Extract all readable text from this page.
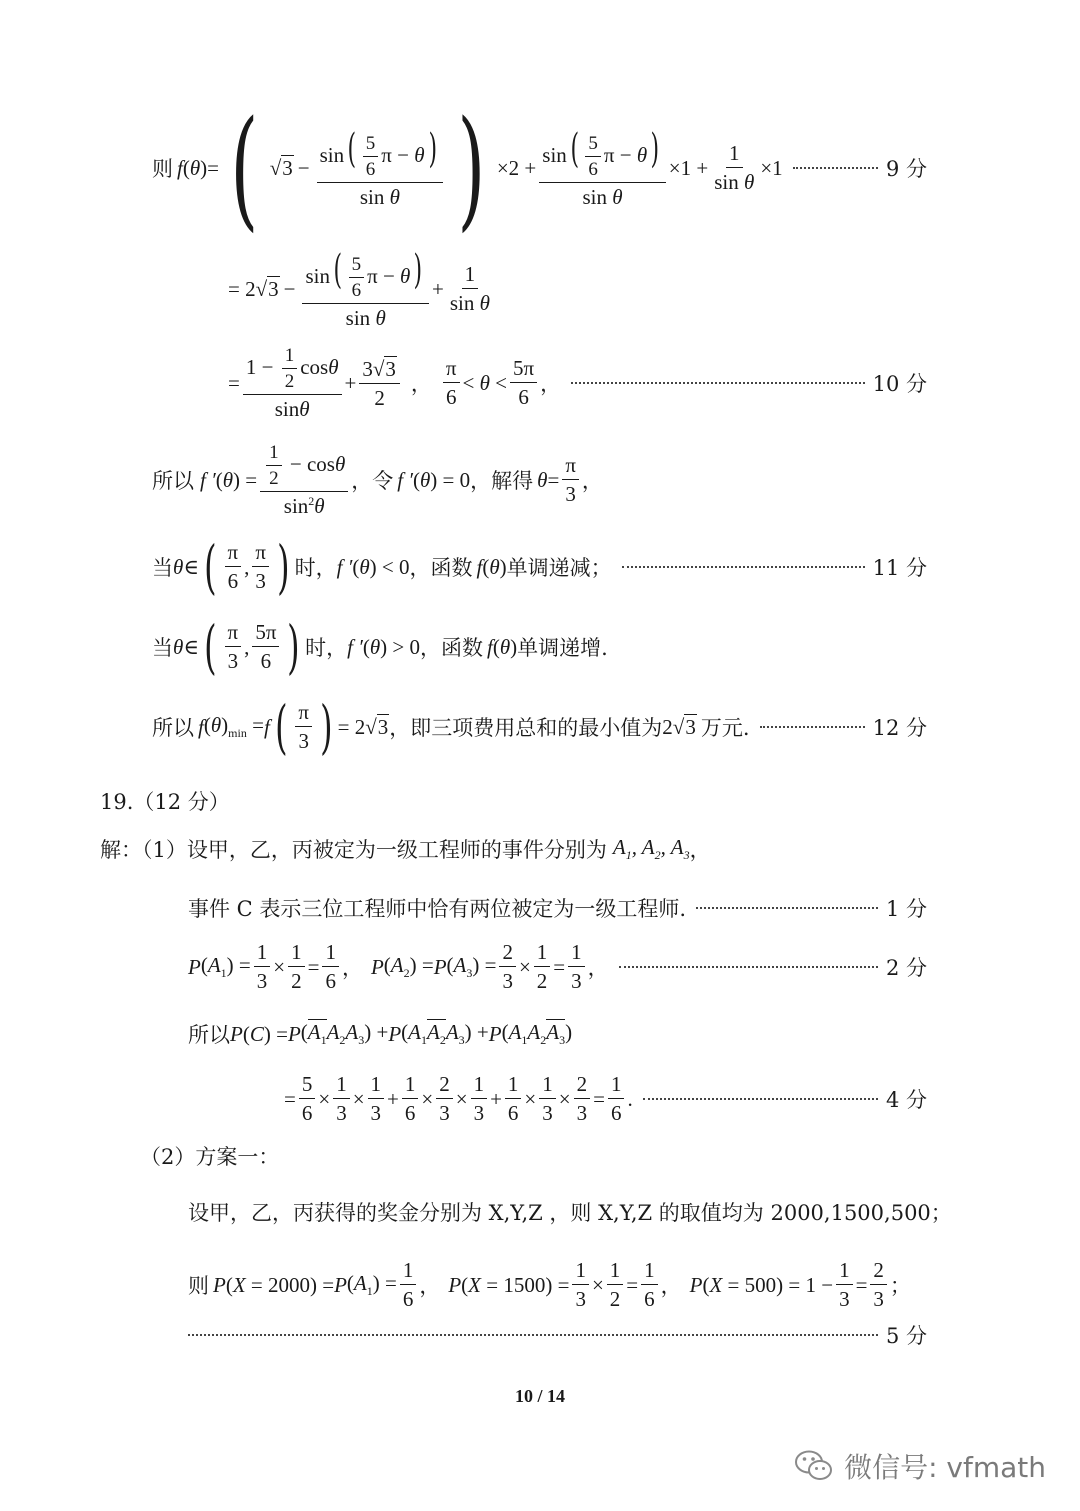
则 f ( θ )= ( √ $3 - \frac{\sin( \frac{5}{6} \pi - \theta)}{\text{sin θ}}$ ) $\times 2 + \frac{\sin( \frac{5}{6} \pi - \theta)}{\text{sin θ}} \times 1 + \frac{1}{\text{sin θ}} \times 1$	9 分
= 2 √ $3 - \frac{\sin( \frac{5}{6} \pi - \theta)}{\text{sin θ}} + \frac{1}{\text{sin θ}}$
= $\frac{1 - \frac{1}{2} \cos\theta}{\sin\theta} + \frac{3√ 3}{2}$ ， $\frac{\pi}{6} < \theta < \frac{5\pi}{6}$ ，	10 分
所以 f ′ $(\theta) = \frac{\frac{1}{2} - \cos\theta}{\sin^2\theta}$ ，令 f ′ (θ) = 0 ，解得 $\theta = \frac{\pi}{3}$ ，
当 θ ∈ ( $\frac{\pi}{6}$ , $\frac{\pi}{3}$ ) 时， f ′ (θ) < 0 ，函数 f (θ) 单调递减；	11 分
当 θ ∈ ( $\frac{\pi}{3}$ , $\frac{5\pi}{6}$ ) 时， f ′ (θ) > 0 ，函数 f (θ) 单调递增.
所以 f $(\theta)_{min} = f$ ( $\frac{\pi}{3}$ ) = 2 √ 3 ，即三项费用总和的最小值为 2 √ 3 万元.	12 分
19.（12 分）
解：（1）设甲，乙，丙被定为一级工程师的事件分别为 $A_1$, $A_2$, $A_3$ ，
事件 C 表示三位工程师中恰有两位被定为一级工程师.	1 分
P $(A_1) = \frac{1}{3} \times \frac{1}{2} = \frac{1}{6}$ ， P $(A_2) = P$ $(A_3) = \frac{2}{3} \times \frac{1}{2} = \frac{1}{3}$ ，	2 分
所以 P (C) = P $(A_1A_2A_3) + P$ $(A_1A_2A_3) + P$ $(A_1A_2A_3)$
= $\frac{5}{6} \times \frac{1}{3} \times \frac{1}{3} + \frac{1}{6} \times \frac{2}{3} \times \frac{1}{3} + \frac{1}{6} \times \frac{1}{3} \times \frac{2}{3} = \frac{1}{6}$ .	4 分
（2）方案一：
设甲，乙，丙获得的奖金分别为 X,Y,Z ，则 X,Y,Z 的取值均为 2000,1500,500；
则 P (X = 2000) = P $(A_1) = \frac{1}{6}$ ， P $(X = 1500) = \frac{1}{3} \times \frac{1}{2} = \frac{1}{6}$ ， P $(X = 500) = 1 - \frac{1}{3} = \frac{2}{3}$ ；
5 分
10 / 14
微信号: vfmath
